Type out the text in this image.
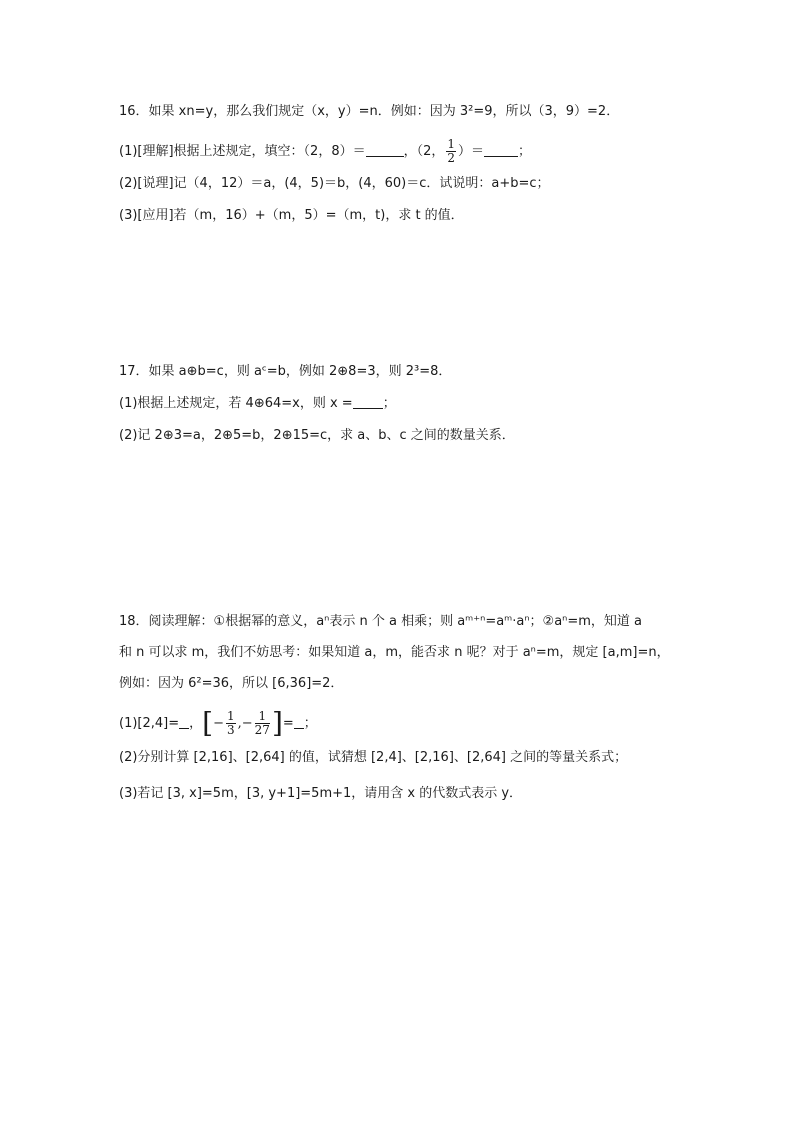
16．如果 xn=y，那么我们规定（x，y）=n．例如：因为 3²=9，所以（3，9）=2．
(1)[理解]根据上述规定，填空：（2，8）＝	，（2， $\frac{1}{2}$ ）＝	；
(2)[说理]记（4，12）＝a，(4，5)＝b，(4，60)＝c．试说明：a+b=c；
(3)[应用]若（m，16）+（m，5）=（m，t)，求 t 的值．
17．如果 a⊕b=c，则 aᶜ=b，例如 2⊕8=3，则 2³=8．
(1)根据上述规定，若 4⊕64=x，则 x = ；
(2)记 2⊕3=a，2⊕5=b，2⊕15=c，求 a、b、c 之间的数量关系．
18．阅读理解：①根据幂的意义，aⁿ表示 n 个 a 相乘；则 aᵐ⁺ⁿ=aᵐ·aⁿ；②aⁿ=m，知道 a
和 n 可以求 m，我们不妨思考：如果知道 a，m，能否求 n 呢？对于 aⁿ=m，规定 [a,m]=n，
例如：因为 6²=36，所以 [6,36]=2．
(1)[2,4]= ，[− $\frac{1}{3}$ ,− $\frac{1}{27}$ ]= ；
(2)分别计算 [2,16]、[2,64] 的值，试猜想 [2,4]、[2,16]、[2,64] 之间的等量关系式；
(3)若记 [3, x]=5m，[3, y+1]=5m+1，请用含 x 的代数式表示 y．
